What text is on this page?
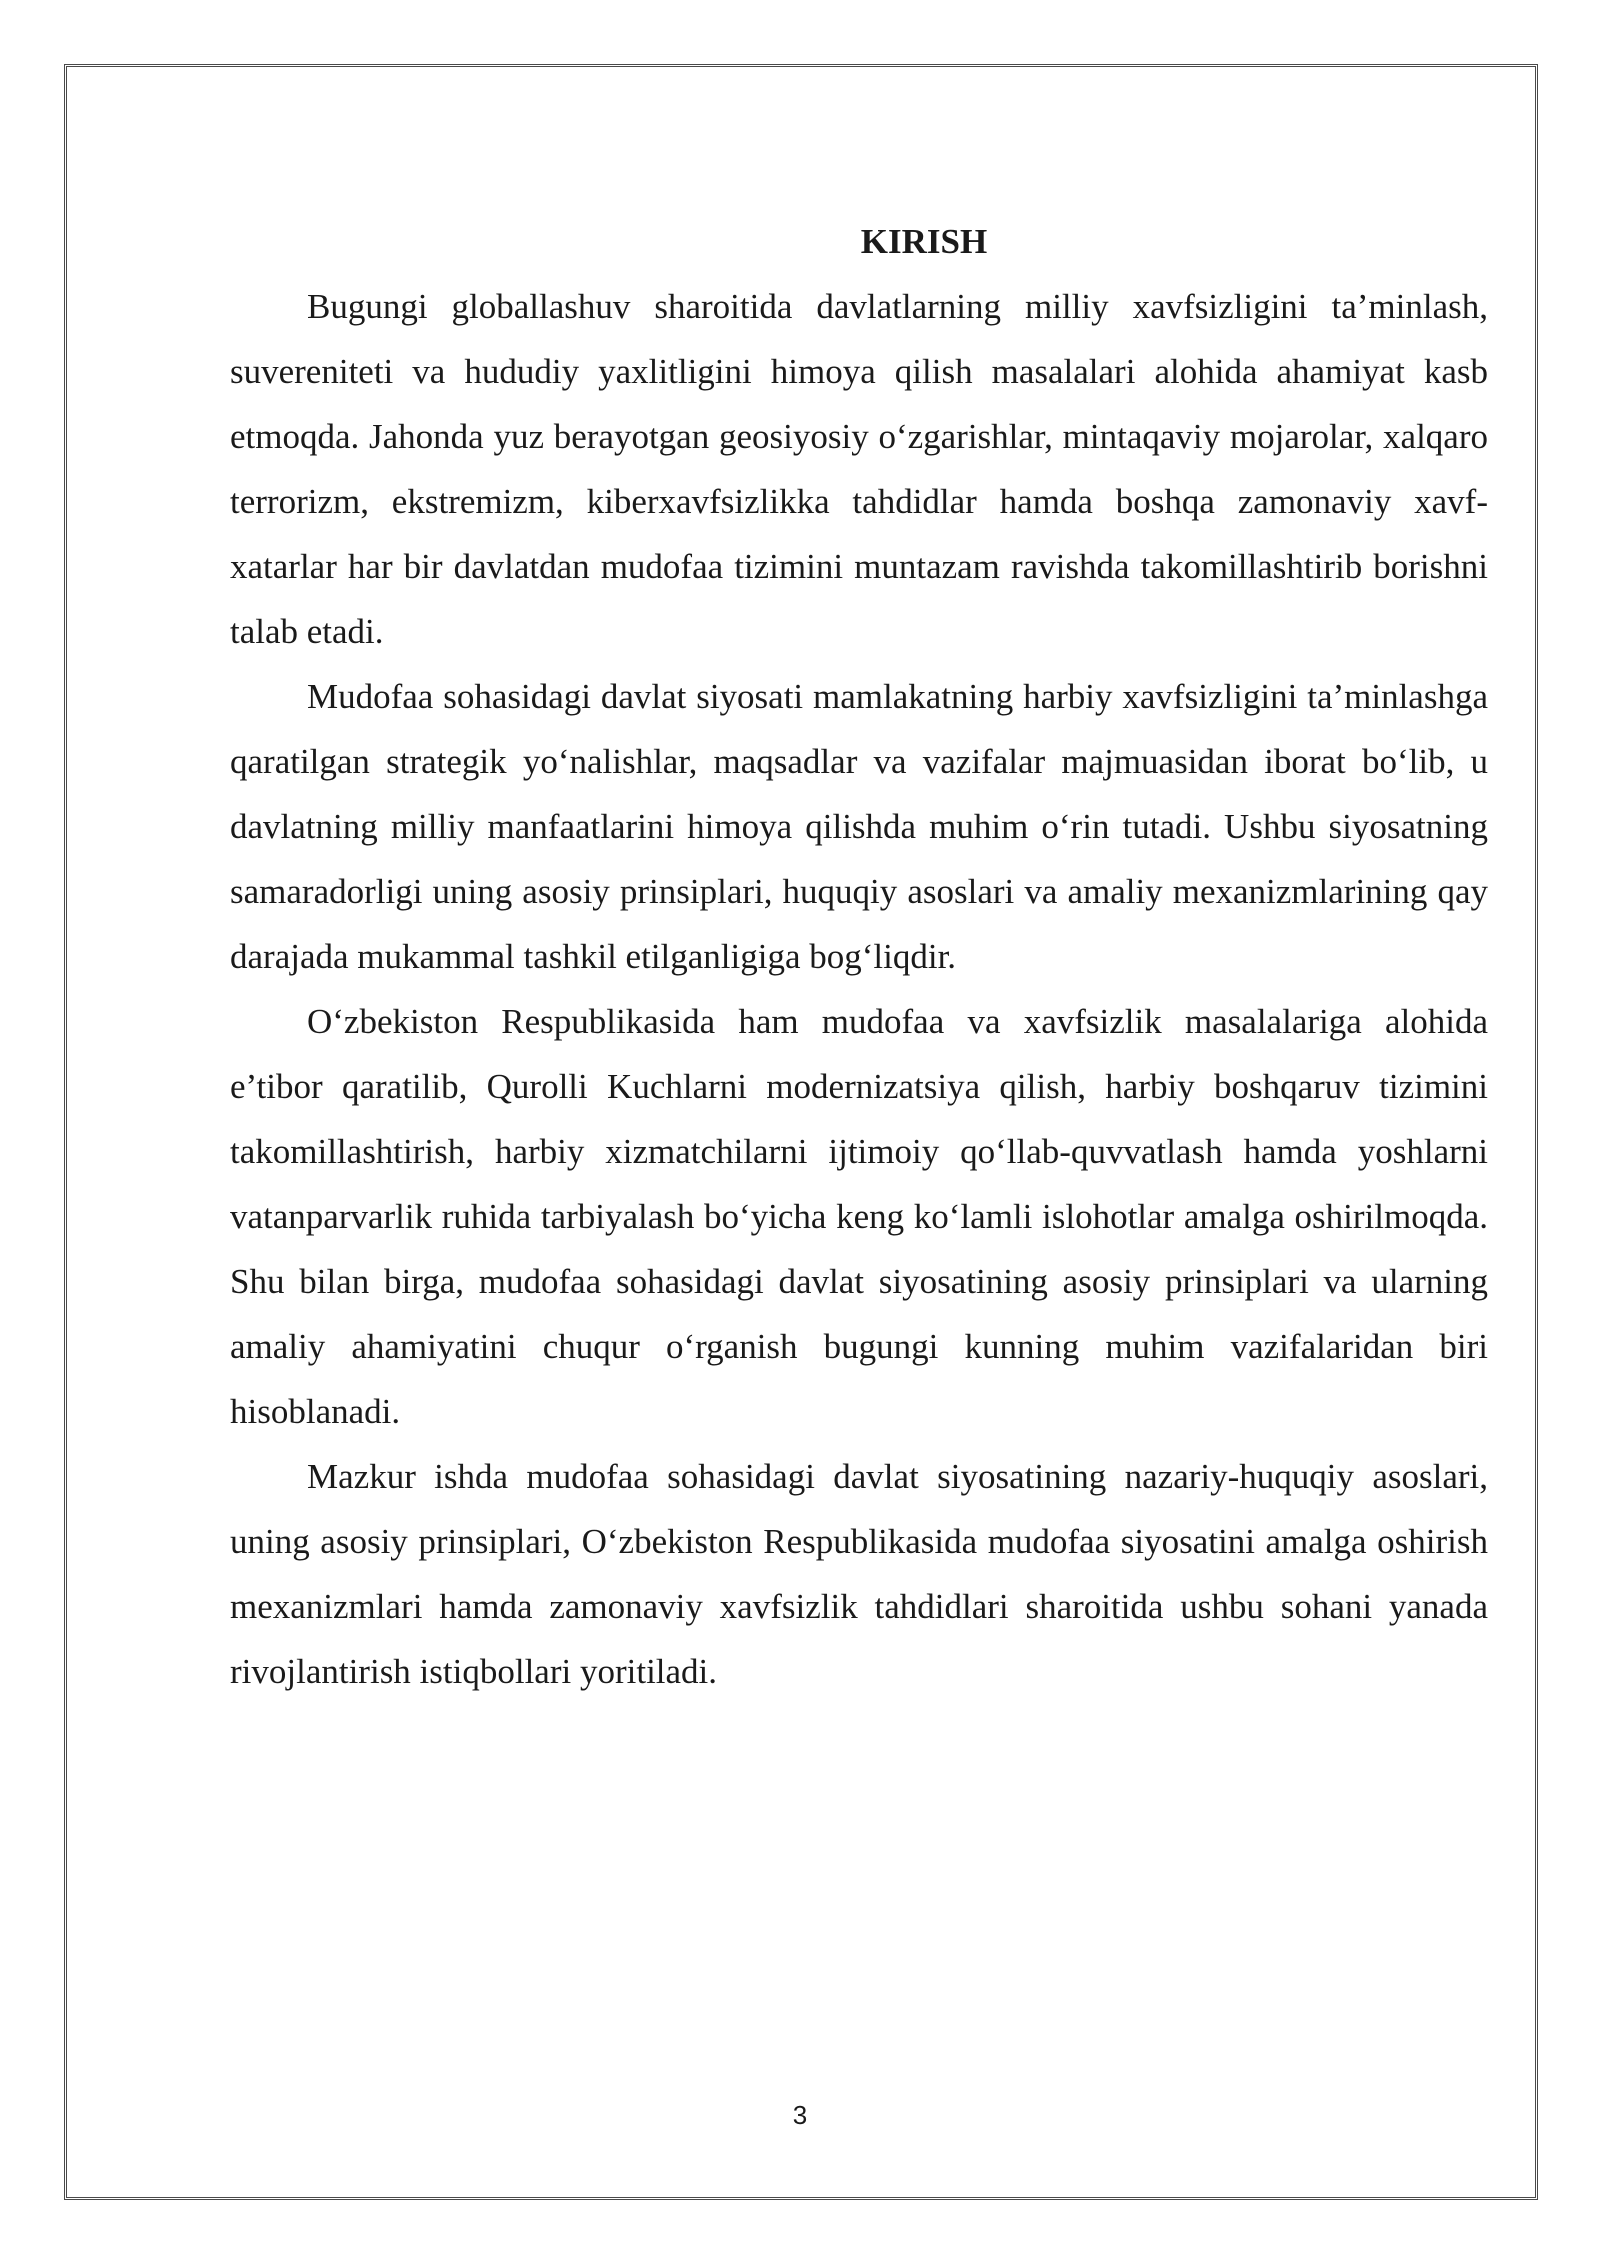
KIRISH

Bugungi globallashuv sharoitida davlatlarning milliy xavfsizligini ta’minlash, suvereniteti va hududiy yaxlitligini himoya qilish masalalari alohida ahamiyat kasb etmoqda. Jahonda yuz berayotgan geosiyosiy o‘zgarishlar, mintaqaviy mojarolar, xalqaro terrorizm, ekstremizm, kiberxavfsizlikka tahdidlar hamda boshqa zamonaviy xavf-xatarlar har bir davlatdan mudofaa tizimini muntazam ravishda takomillashtirib borishni talab etadi.

Mudofaa sohasidagi davlat siyosati mamlakatning harbiy xavfsizligini ta’minlashga qaratilgan strategik yo‘nalishlar, maqsadlar va vazifalar majmuasidan iborat bo‘lib, u davlatning milliy manfaatlarini himoya qilishda muhim o‘rin tutadi. Ushbu siyosatning samaradorligi uning asosiy prinsiplari, huquqiy asoslari va amaliy mexanizmlarining qay darajada mukammal tashkil etilganligiga bog‘liqdir.

O‘zbekiston Respublikasida ham mudofaa va xavfsizlik masalalariga alohida e’tibor qaratilib, Qurolli Kuchlarni modernizatsiya qilish, harbiy boshqaruv tizimini takomillashtirish, harbiy xizmatchilarni ijtimoiy qo‘llab-quvvatlash hamda yoshlarni vatanparvarlik ruhida tarbiyalash bo‘yicha keng ko‘lamli islohotlar amalga oshirilmoqda. Shu bilan birga, mudofaa sohasidagi davlat siyosatining asosiy prinsiplari va ularning amaliy ahamiyatini chuqur o‘rganish bugungi kunning muhim vazifalaridan biri hisoblanadi.

Mazkur ishda mudofaa sohasidagi davlat siyosatining nazariy-huquqiy asoslari, uning asosiy prinsiplari, O‘zbekiston Respublikasida mudofaa siyosatini amalga oshirish mexanizmlari hamda zamonaviy xavfsizlik tahdidlari sharoitida ushbu sohani yanada rivojlantirish istiqbollari yoritiladi.

3
